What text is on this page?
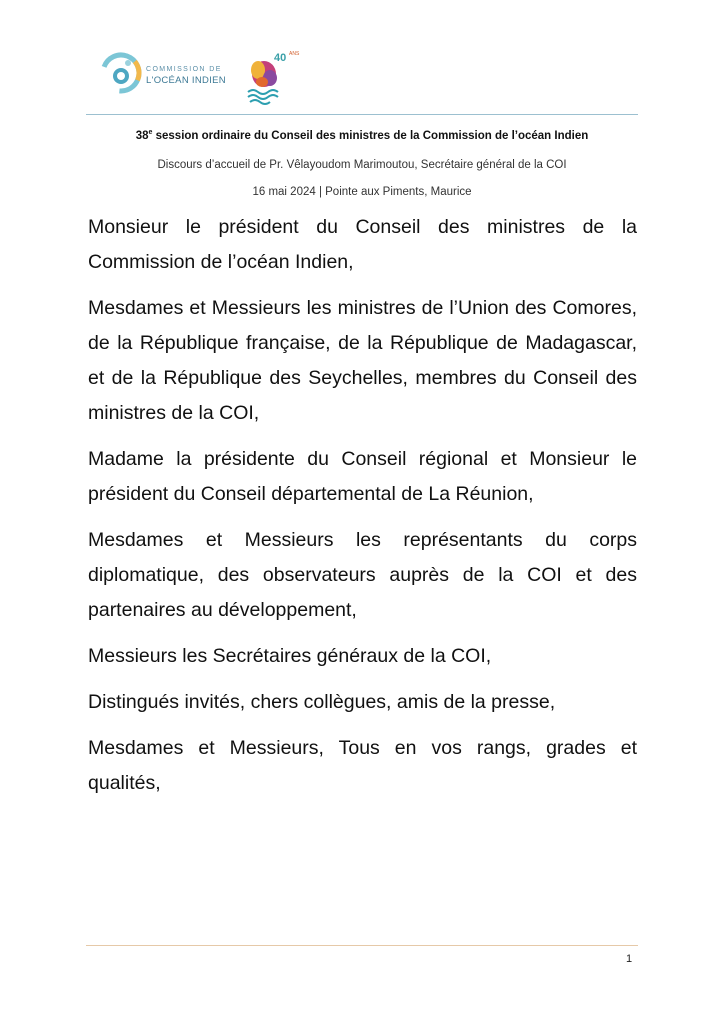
COMMISSION DE
L'OCÉAN INDIEN
40 ANS
38e session ordinaire du Conseil des ministres de la Commission de l’océan Indien
Discours d’accueil de Pr. Vêlayoudom Marimoutou, Secrétaire général de la COI
16 mai 2024 | Pointe aux Piments, Maurice

Monsieur le président du Conseil des ministres de la Commission de l’océan Indien,

Mesdames et Messieurs les ministres de l’Union des Comores, de la République française, de la République de Madagascar, et de la République des Seychelles, membres du Conseil des ministres de la COI,

Madame la présidente du Conseil régional et Monsieur le président du Conseil départemental de La Réunion,

Mesdames et Messieurs les représentants du corps diplomatique, des observateurs auprès de la COI et des partenaires au développement,

Messieurs les Secrétaires généraux de la COI,

Distingués invités, chers collègues, amis de la presse,

Mesdames et Messieurs, Tous en vos rangs, grades et qualités,

1
